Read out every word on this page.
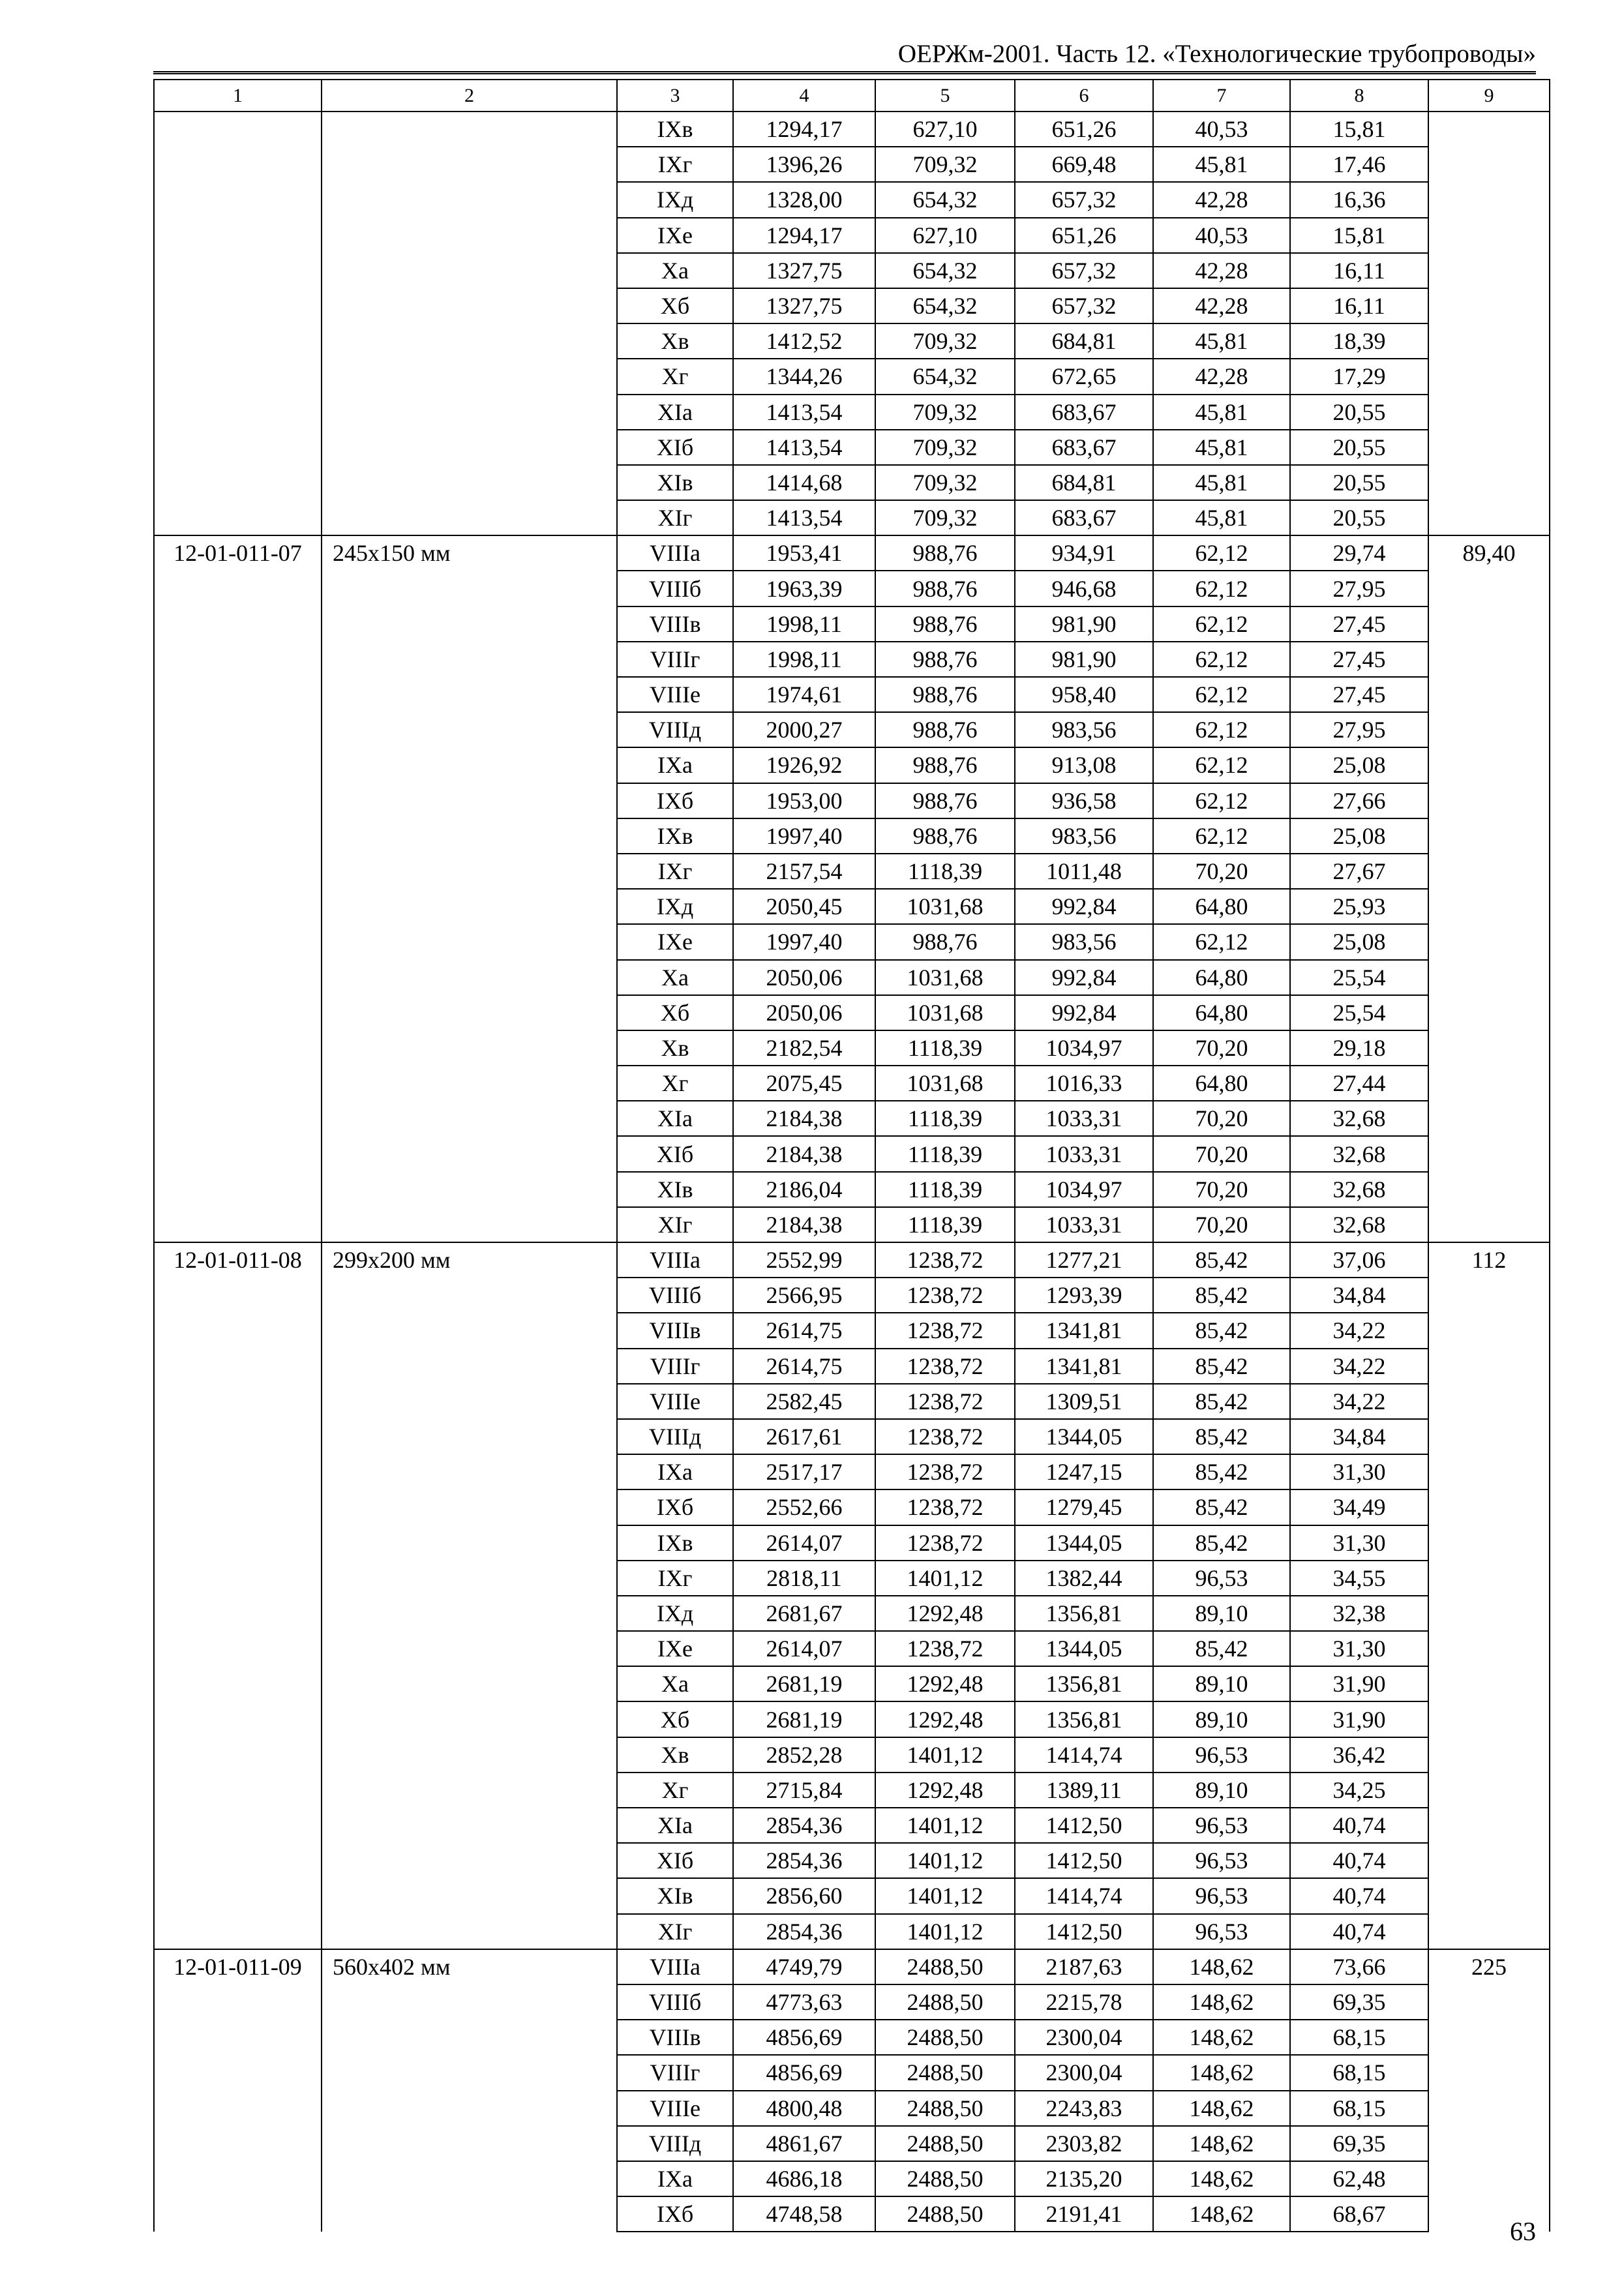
ОЕРЖм-2001. Часть 12. «Технологические трубопроводы»
1	2	3	4	5	6	7	8	9
		IXв	1294,17	627,10	651,26	40,53	15,81	
		IXг	1396,26	709,32	669,48	45,81	17,46	
		IXд	1328,00	654,32	657,32	42,28	16,36	
		IXе	1294,17	627,10	651,26	40,53	15,81	
		Xа	1327,75	654,32	657,32	42,28	16,11	
		Xб	1327,75	654,32	657,32	42,28	16,11	
		Xв	1412,52	709,32	684,81	45,81	18,39	
		Xг	1344,26	654,32	672,65	42,28	17,29	
		XIа	1413,54	709,32	683,67	45,81	20,55	
		XIб	1413,54	709,32	683,67	45,81	20,55	
		XIв	1414,68	709,32	684,81	45,81	20,55	
		XIг	1413,54	709,32	683,67	45,81	20,55	
12-01-011-07	245x150 мм	VIIIа	1953,41	988,76	934,91	62,12	29,74	89,40
		VIIIб	1963,39	988,76	946,68	62,12	27,95	
		VIIIв	1998,11	988,76	981,90	62,12	27,45	
		VIIIг	1998,11	988,76	981,90	62,12	27,45	
		VIIIе	1974,61	988,76	958,40	62,12	27,45	
		VIIIд	2000,27	988,76	983,56	62,12	27,95	
		IXа	1926,92	988,76	913,08	62,12	25,08	
		IXб	1953,00	988,76	936,58	62,12	27,66	
		IXв	1997,40	988,76	983,56	62,12	25,08	
		IXг	2157,54	1118,39	1011,48	70,20	27,67	
		IXд	2050,45	1031,68	992,84	64,80	25,93	
		IXе	1997,40	988,76	983,56	62,12	25,08	
		Xа	2050,06	1031,68	992,84	64,80	25,54	
		Xб	2050,06	1031,68	992,84	64,80	25,54	
		Xв	2182,54	1118,39	1034,97	70,20	29,18	
		Xг	2075,45	1031,68	1016,33	64,80	27,44	
		XIа	2184,38	1118,39	1033,31	70,20	32,68	
		XIб	2184,38	1118,39	1033,31	70,20	32,68	
		XIв	2186,04	1118,39	1034,97	70,20	32,68	
		XIг	2184,38	1118,39	1033,31	70,20	32,68	
12-01-011-08	299x200 мм	VIIIа	2552,99	1238,72	1277,21	85,42	37,06	112
		VIIIб	2566,95	1238,72	1293,39	85,42	34,84	
		VIIIв	2614,75	1238,72	1341,81	85,42	34,22	
		VIIIг	2614,75	1238,72	1341,81	85,42	34,22	
		VIIIе	2582,45	1238,72	1309,51	85,42	34,22	
		VIIIд	2617,61	1238,72	1344,05	85,42	34,84	
		IXа	2517,17	1238,72	1247,15	85,42	31,30	
		IXб	2552,66	1238,72	1279,45	85,42	34,49	
		IXв	2614,07	1238,72	1344,05	85,42	31,30	
		IXг	2818,11	1401,12	1382,44	96,53	34,55	
		IXд	2681,67	1292,48	1356,81	89,10	32,38	
		IXе	2614,07	1238,72	1344,05	85,42	31,30	
		Xа	2681,19	1292,48	1356,81	89,10	31,90	
		Xб	2681,19	1292,48	1356,81	89,10	31,90	
		Xв	2852,28	1401,12	1414,74	96,53	36,42	
		Xг	2715,84	1292,48	1389,11	89,10	34,25	
		XIа	2854,36	1401,12	1412,50	96,53	40,74	
		XIб	2854,36	1401,12	1412,50	96,53	40,74	
		XIв	2856,60	1401,12	1414,74	96,53	40,74	
		XIг	2854,36	1401,12	1412,50	96,53	40,74	
12-01-011-09	560x402 мм	VIIIа	4749,79	2488,50	2187,63	148,62	73,66	225
		VIIIб	4773,63	2488,50	2215,78	148,62	69,35	
		VIIIв	4856,69	2488,50	2300,04	148,62	68,15	
		VIIIг	4856,69	2488,50	2300,04	148,62	68,15	
		VIIIе	4800,48	2488,50	2243,83	148,62	68,15	
		VIIIд	4861,67	2488,50	2303,82	148,62	69,35	
		IXа	4686,18	2488,50	2135,20	148,62	62,48	
		IXб	4748,58	2488,50	2191,41	148,62	68,67	
63
